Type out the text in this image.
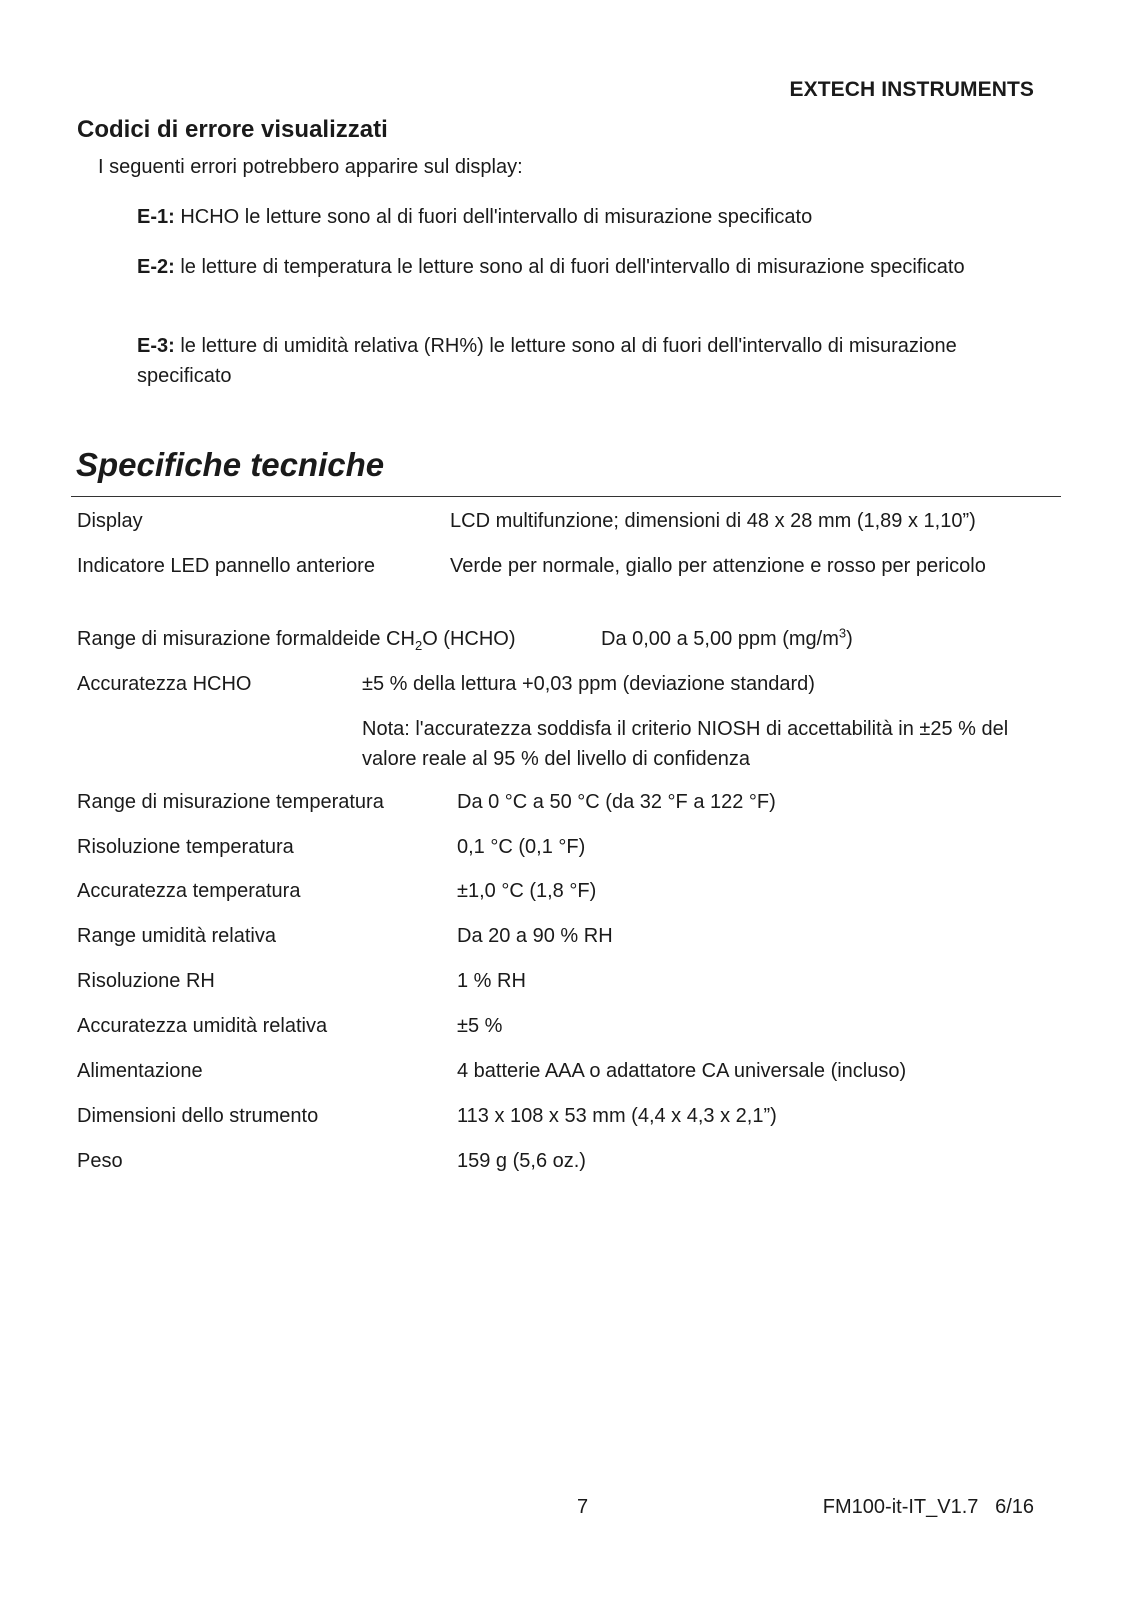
EXTECH INSTRUMENTS
Codici di errore visualizzati
I seguenti errori potrebbero apparire sul display:
E-1: HCHO le letture sono al di fuori dell'intervallo di misurazione specificato
E-2: le letture di temperatura le letture sono al di fuori dell'intervallo di misurazione specificato
E-3: le letture di umidità relativa (RH%) le letture sono al di fuori dell'intervallo di misurazione specificato
Specifiche tecniche
Display	LCD multifunzione; dimensioni di 48 x 28 mm (1,89 x 1,10”)
Indicatore LED pannello anteriore	Verde per normale, giallo per attenzione e rosso per pericolo
Range di misurazione formaldeide $CH_2O$ (HCHO)	Da 0,00 a 5,00 ppm $(mg/m^3)$
Accuratezza HCHO	±5 % della lettura +0,03 ppm (deviazione standard)
Nota: l'accuratezza soddisfa il criterio NIOSH di accettabilità in ±25 % del valore reale al 95 % del livello di confidenza
Range di misurazione temperatura	Da 0 °C a 50 °C (da 32 °F a 122 °F)
Risoluzione temperatura	0,1 °C (0,1 °F)
Accuratezza temperatura	±1,0 °C (1,8 °F)
Range umidità relativa	Da 20 a 90 % RH
Risoluzione RH	1 % RH
Accuratezza umidità relativa	±5 %
Alimentazione	4 batterie AAA o adattatore CA universale (incluso)
Dimensioni dello strumento	113 x 108 x 53 mm (4,4 x 4,3 x 2,1”)
Peso	159 g (5,6 oz.)
7	FM100-it-IT_V1.7   6/16
